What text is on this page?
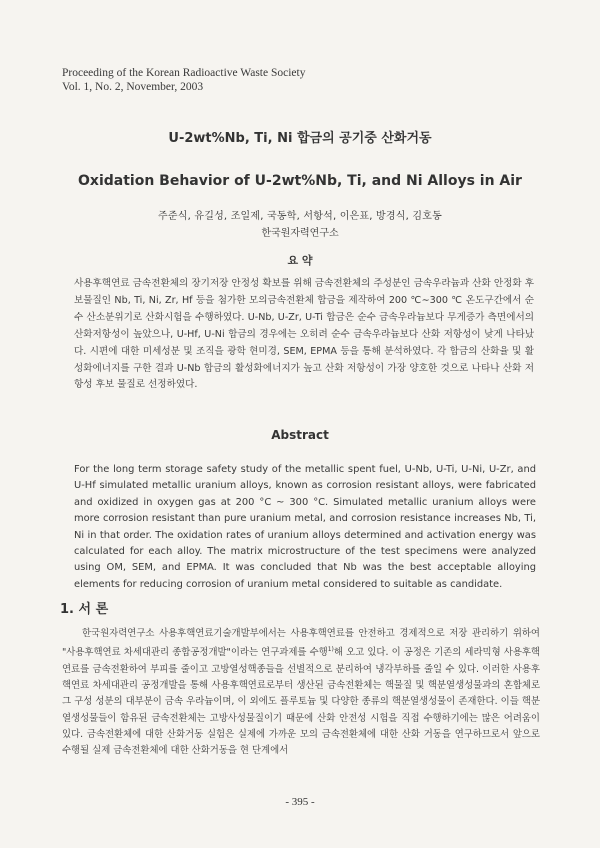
Proceeding of the Korean Radioactive Waste Society
Vol. 1, No. 2, November, 2003
U-2wt%Nb, Ti, Ni 합금의 공기중 산화거동
Oxidation Behavior of U-2wt%Nb, Ti, and Ni Alloys in Air
주준식, 유길성, 조일제, 국동학, 서항석, 이은표, 방경식, 김호동
한국원자력연구소
요 약

사용후핵연료 금속전환체의 장기저장 안정성 확보를 위해 금속전환체의 주성분인 금속우라늄과 산화 안정화 후보물질인 Nb, Ti, Ni, Zr, Hf 등을 첨가한 모의금속전환체 합금을 제작하여 200 ℃∼300 ℃ 온도구간에서 순수 산소분위기로 산화시험을 수행하였다. U-Nb, U-Zr, U-Ti 합금은 순수 금속우라늄보다 무게증가 측면에서의 산화저항성이 높았으나, U-Hf, U-Ni 합금의 경우에는 오히려 순수 금속우라늄보다 산화 저항성이 낮게 나타났다. 시편에 대한 미세성분 및 조직을 광학 현미경, SEM, EPMA 등을 통해 분석하였다. 각 합금의 산화율 및 활성화에너지를 구한 결과 U-Nb 합금의 활성화에너지가 높고 산화 저항성이 가장 양호한 것으로 나타나 산화 저항성 후보 물질로 선정하였다.

Abstract

For the long term storage safety study of the metallic spent fuel, U-Nb, U-Ti, U-Ni, U-Zr, and U-Hf simulated metallic uranium alloys, known as corrosion resistant alloys, were fabricated and oxidized in oxygen gas at 200 °C ~ 300 °C. Simulated metallic uranium alloys were more corrosion resistant than pure uranium metal, and corrosion resistance increases Nb, Ti, Ni in that order. The oxidation rates of uranium alloys determined and activation energy was calculated for each alloy. The matrix microstructure of the test specimens were analyzed using OM, SEM, and EPMA. It was concluded that Nb was the best acceptable alloying elements for reducing corrosion of uranium metal considered to suitable as candidate.

1. 서 론

한국원자력연구소 사용후핵연료기술개발부에서는 사용후핵연료를 안전하고 경제적으로 저장 관리하기 위하여 "사용후핵연료 차세대관리 종합공정개발"이라는 연구과제를 수행$^{1)}$해 오고 있다. 이 공정은 기존의 세라믹형 사용후핵연료를 금속전환하여 부피를 줄이고 고방열성핵종들을 선별적으로 분리하여 냉각부하를 줄일 수 있다. 이러한 사용후핵연료 차세대관리 공정개발을 통해 사용후핵연료로부터 생산된 금속전환체는 핵물질 및 핵분열생성물과의 혼합체로 그 구성 성분의 대부분이 금속 우라늄이며, 이 외에도 플루토늄 및 다양한 종류의 핵분열생성물이 존재한다. 이들 핵분열생성물들이 함유된 금속전환체는 고방사성물질이기 때문에 산화 안전성 시험을 직접 수행하기에는 많은 어려움이 있다. 금속전환체에 대한 산화거동 실험은 실제에 가까운 모의 금속전환체에 대한 산화 거동을 연구하므로서 앞으로 수행될 실제 금속전환체에 대한 산화거동을 현 단계에서

- 395 -
